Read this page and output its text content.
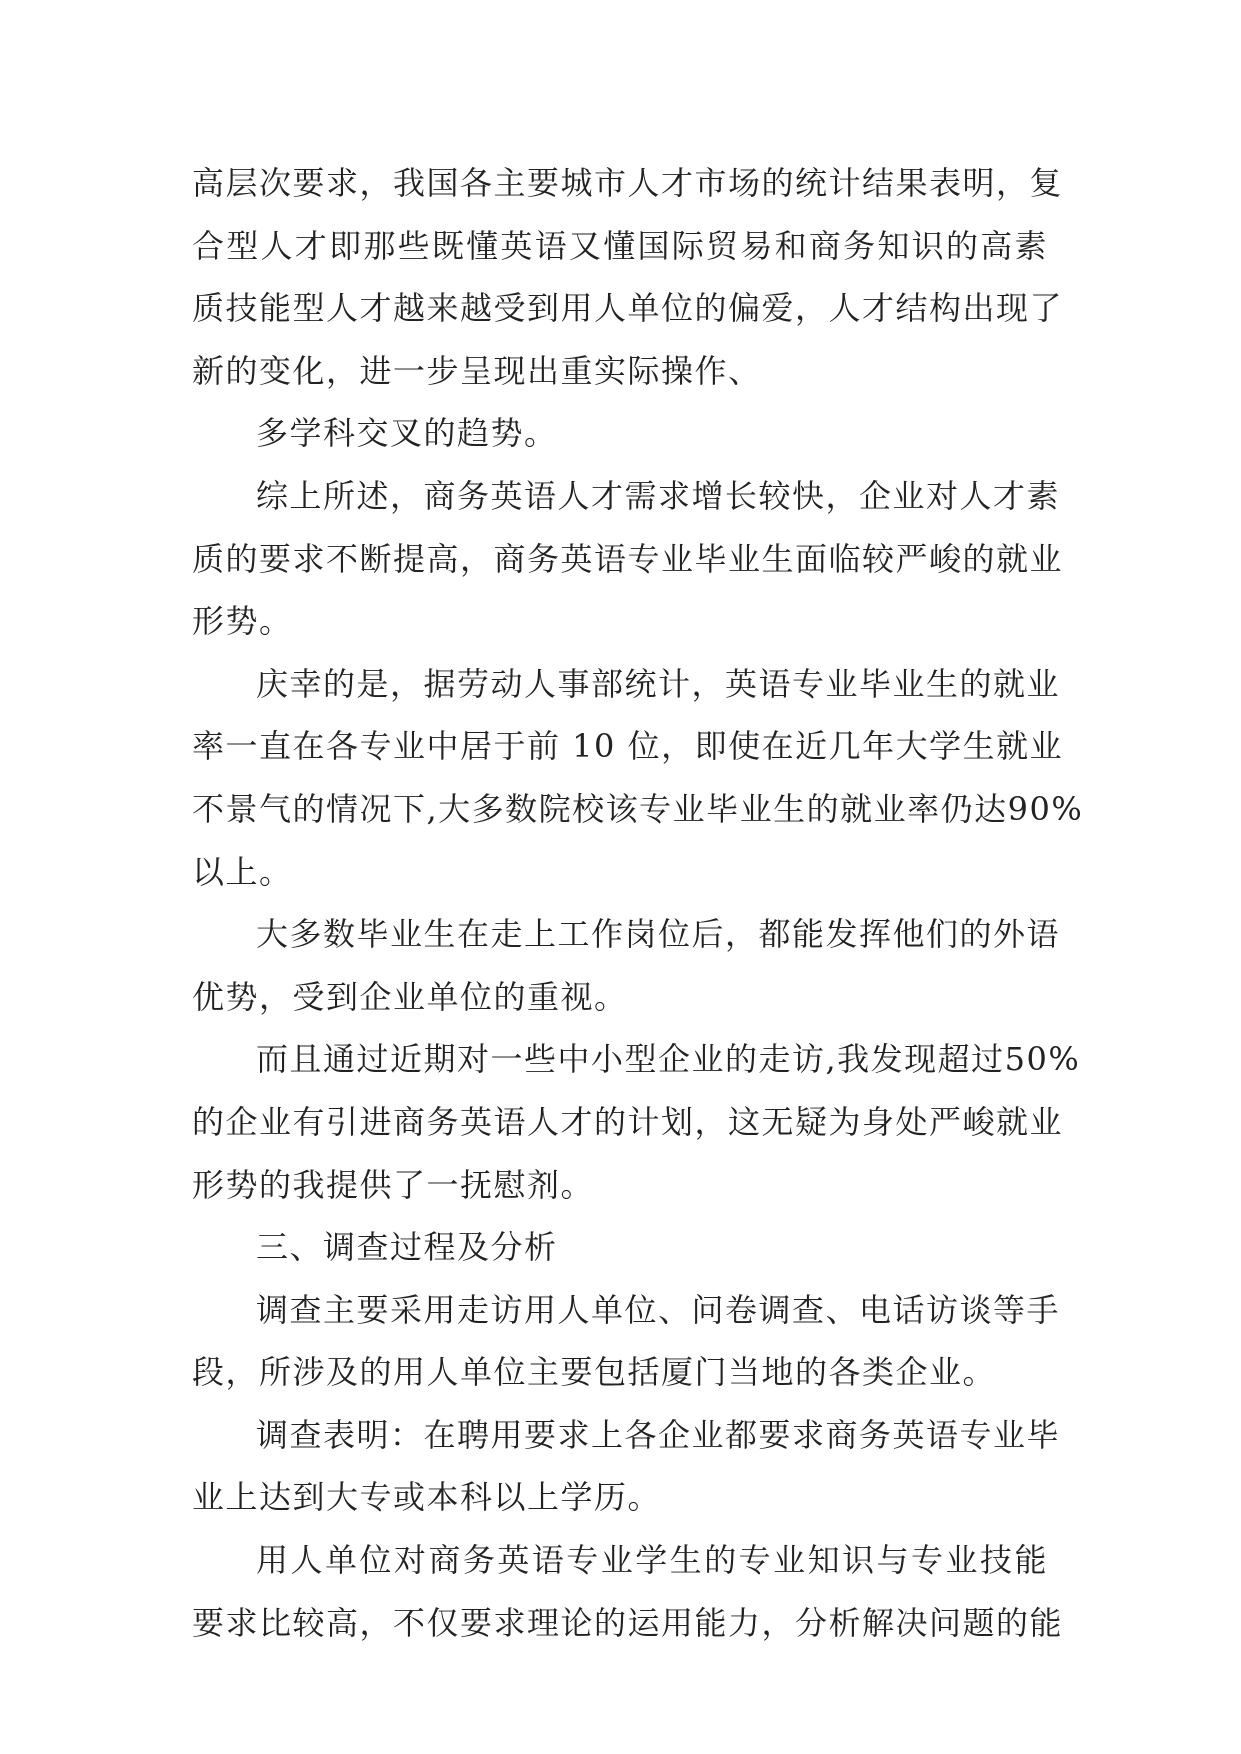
高层次要求，我国各主要城市人才市场的统计结果表明，复
合型人才即那些既懂英语又懂国际贸易和商务知识的高素
质技能型人才越来越受到用人单位的偏爱，人才结构出现了
新的变化，进一步呈现出重实际操作、
多学科交叉的趋势。
综上所述，商务英语人才需求增长较快，企业对人才素
质的要求不断提高，商务英语专业毕业生面临较严峻的就业
形势。
庆幸的是，据劳动人事部统计，英语专业毕业生的就业
率一直在各专业中居于前 10 位，即使在近几年大学生就业
不景气的情况下,大多数院校该专业毕业生的就业率仍达90%
以上。
大多数毕业生在走上工作岗位后，都能发挥他们的外语
优势，受到企业单位的重视。
而且通过近期对一些中小型企业的走访,我发现超过50%
的企业有引进商务英语人才的计划，这无疑为身处严峻就业
形势的我提供了一抚慰剂。
三、调查过程及分析
调查主要采用走访用人单位、问卷调查、电话访谈等手
段，所涉及的用人单位主要包括厦门当地的各类企业。
调查表明：在聘用要求上各企业都要求商务英语专业毕
业上达到大专或本科以上学历。
用人单位对商务英语专业学生的专业知识与专业技能
要求比较高，不仅要求理论的运用能力，分析解决问题的能
